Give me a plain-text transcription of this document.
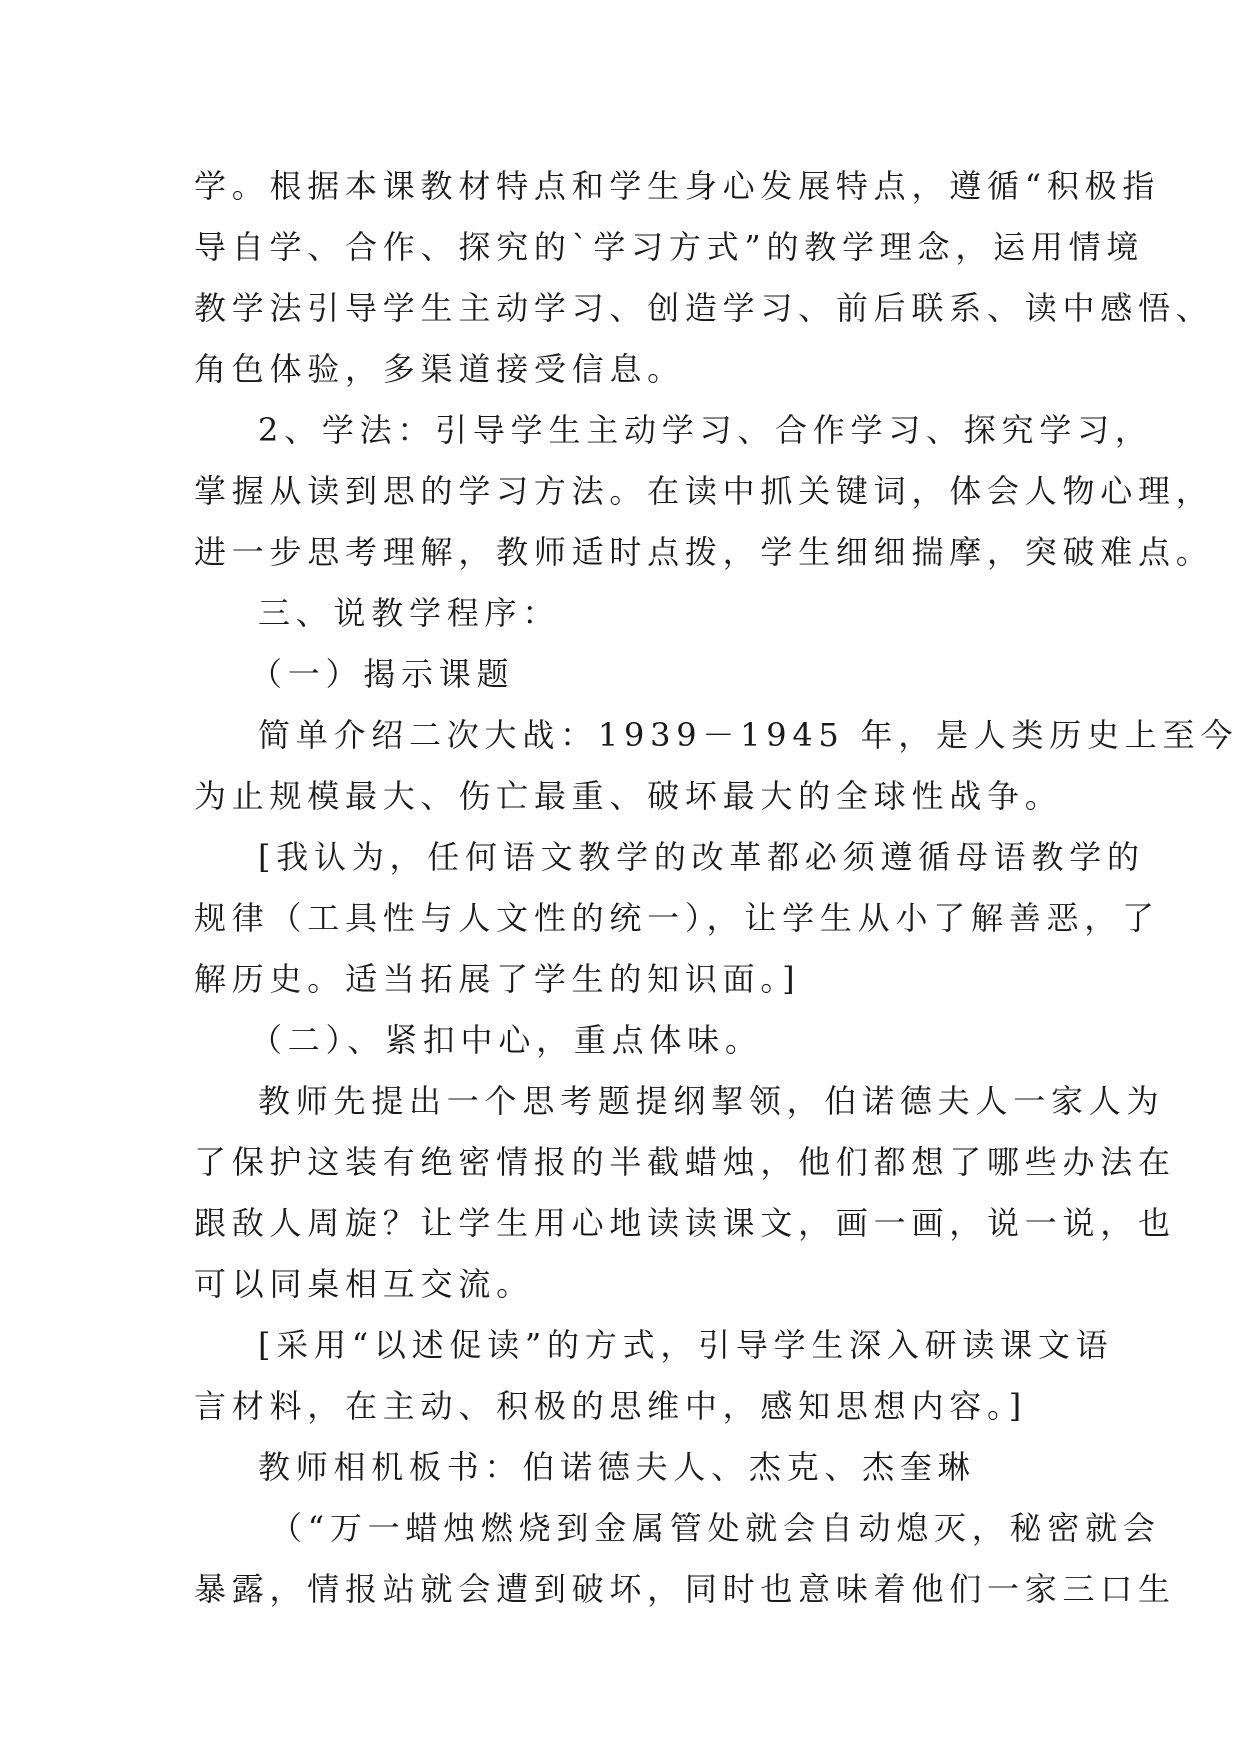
学。根据本课教材特点和学生身心发展特点，遵循“积极指
导自学、合作、探究的`学习方式”的教学理念，运用情境
教学法引导学生主动学习、创造学习、前后联系、读中感悟、
角色体验，多渠道接受信息。
2、学法：引导学生主动学习、合作学习、探究学习，
掌握从读到思的学习方法。在读中抓关键词，体会人物心理，
进一步思考理解，教师适时点拨，学生细细揣摩，突破难点。
三、说教学程序：
（一）揭示课题
简单介绍二次大战：1939－1945 年，是人类历史上至今
为止规模最大、伤亡最重、破坏最大的全球性战争。
[我认为，任何语文教学的改革都必须遵循母语教学的
规律（工具性与人文性的统一），让学生从小了解善恶，了
解历史。适当拓展了学生的知识面。]
（二）、紧扣中心，重点体味。
教师先提出一个思考题提纲挈领，伯诺德夫人一家人为
了保护这装有绝密情报的半截蜡烛，他们都想了哪些办法在
跟敌人周旋？让学生用心地读读课文，画一画，说一说，也
可以同桌相互交流。
[采用“以述促读”的方式，引导学生深入研读课文语
言材料，在主动、积极的思维中，感知思想内容。]
教师相机板书：伯诺德夫人、杰克、杰奎琳
（“万一蜡烛燃烧到金属管处就会自动熄灭，秘密就会
暴露，情报站就会遭到破坏，同时也意味着他们一家三口生
